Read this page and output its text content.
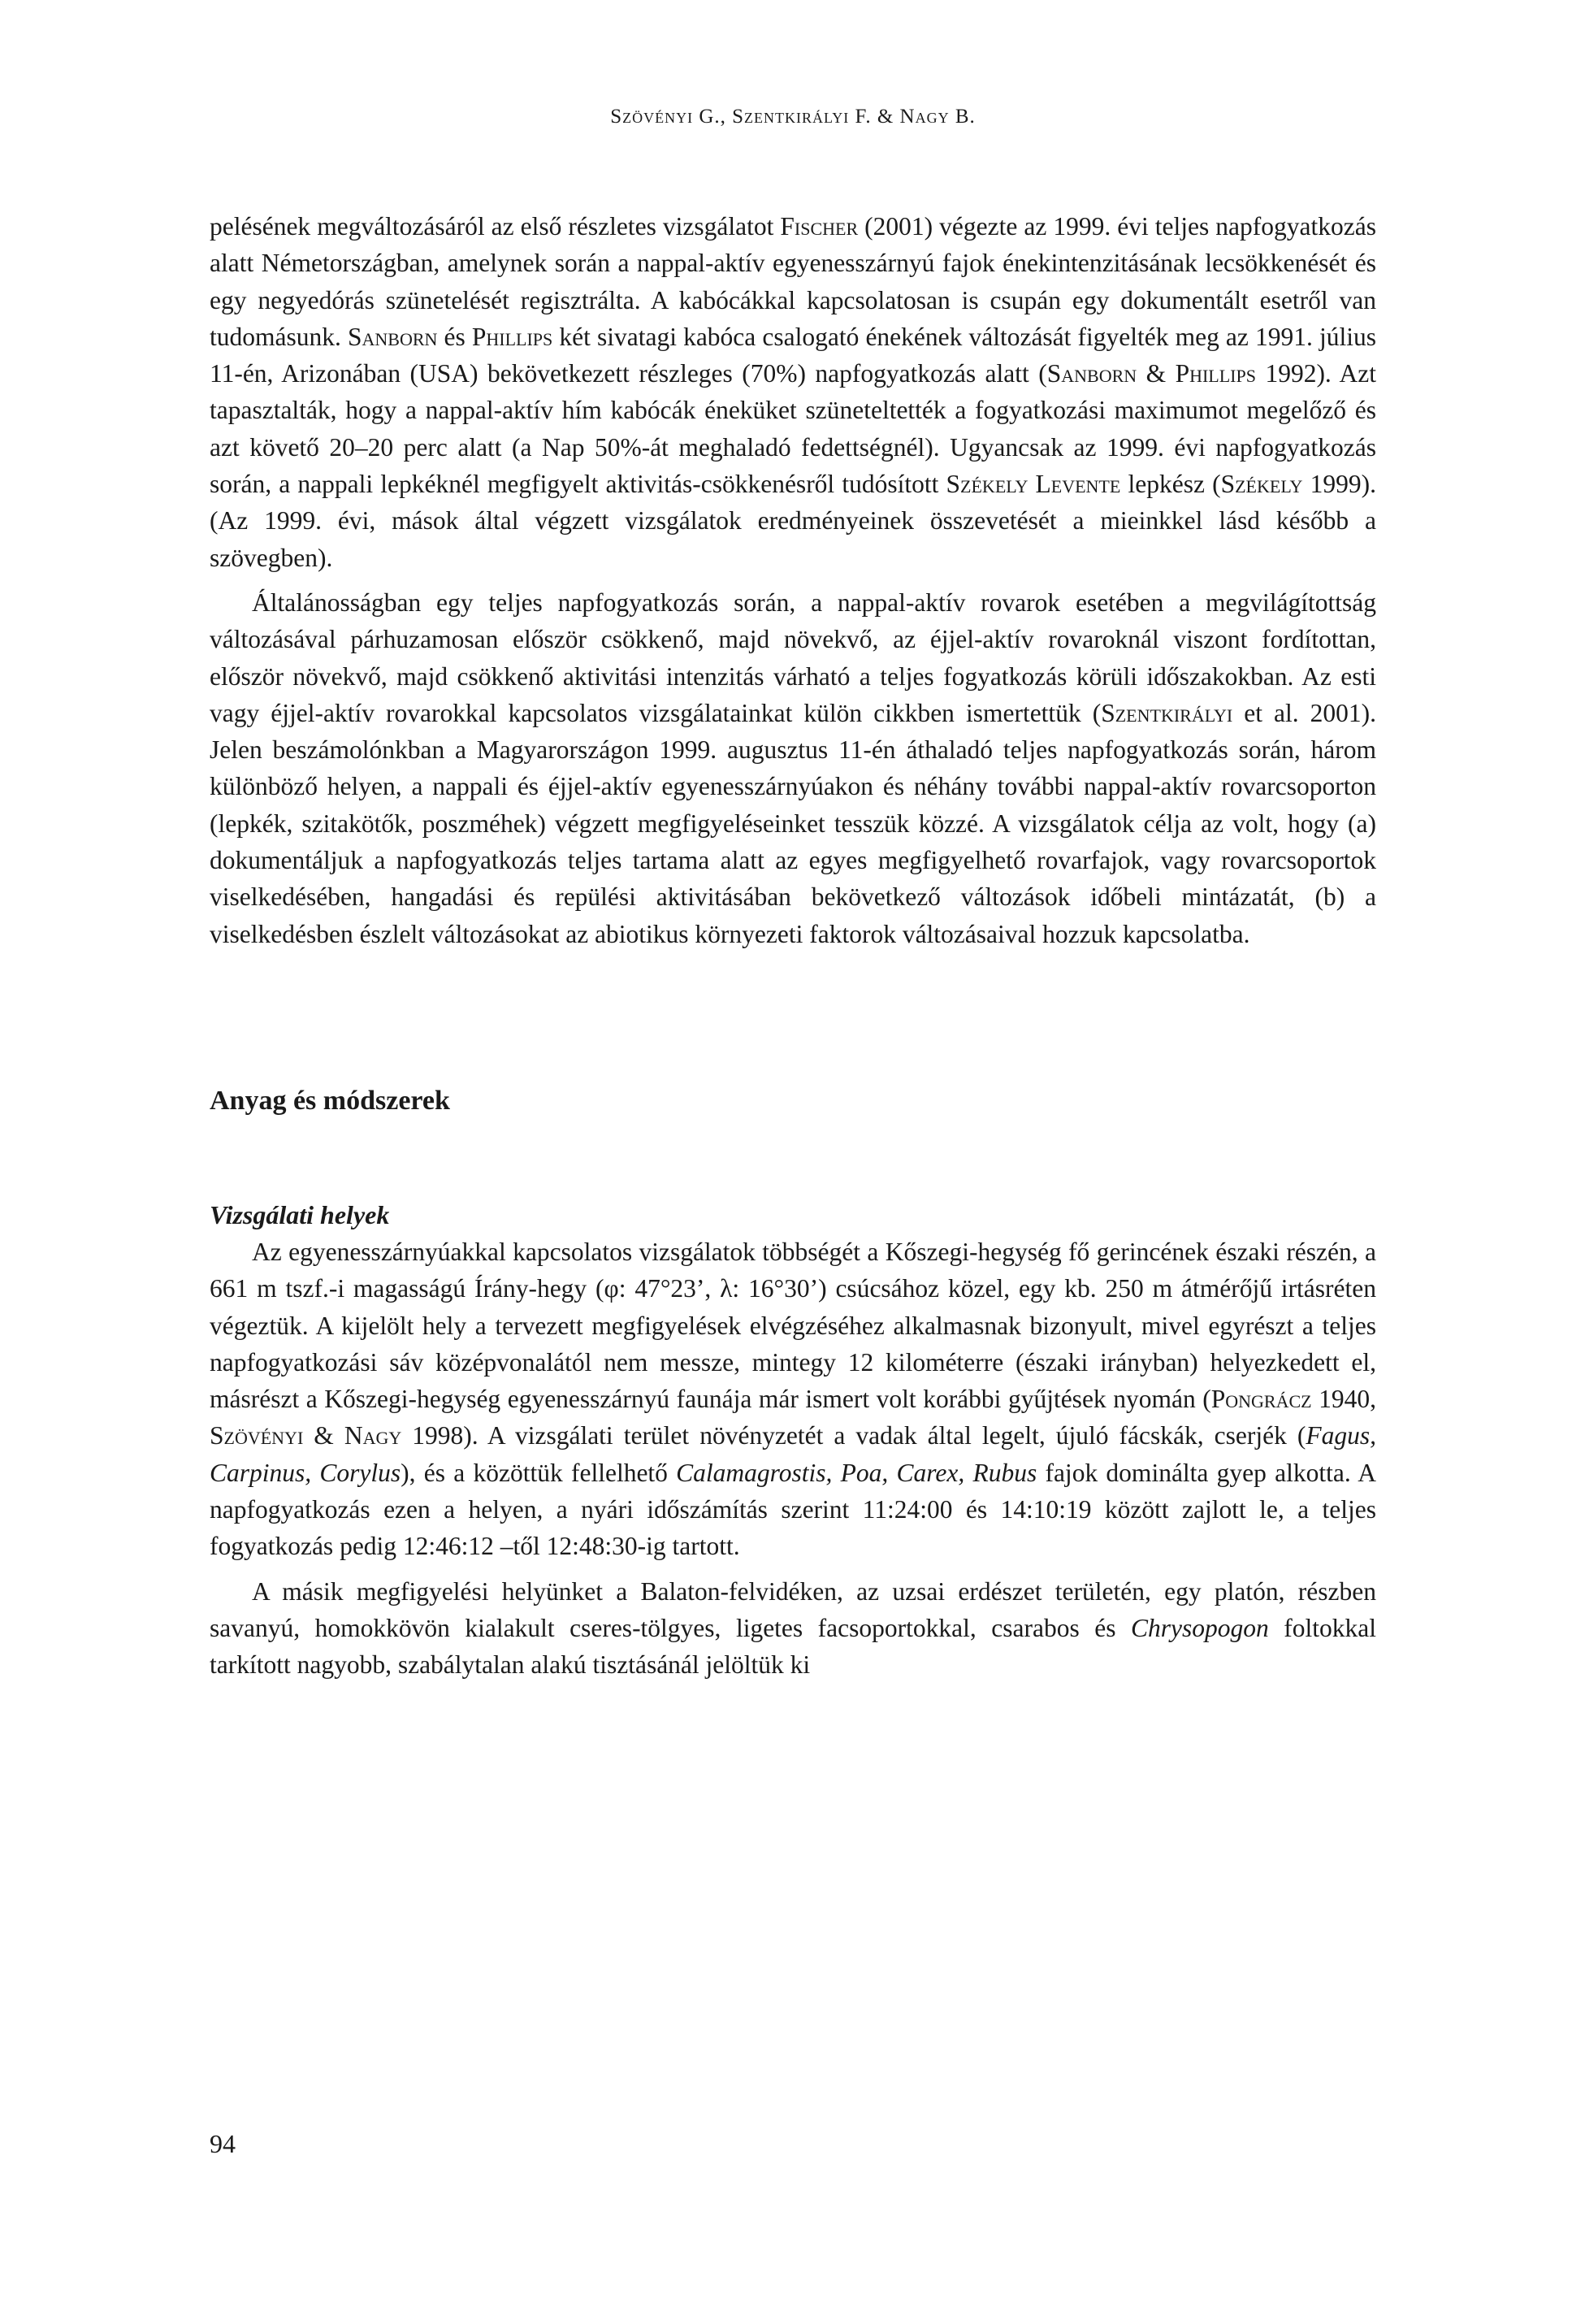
Szövényi G., Szentkirályi F. & Nagy B.

pelésének megváltozásáról az első részletes vizsgálatot Fischer (2001) végezte az 1999. évi teljes napfogyatkozás alatt Németországban, amelynek során a nappal-aktív egyenesszárnyú fajok énekintenzitásának lecsökkenését és egy negyedórás szünetelését regisztrálta. A kabócákkal kapcsolatosan is csupán egy dokumentált esetről van tudomásunk. Sanborn és Phillips két sivatagi kabóca csalogató énekének változását figyelték meg az 1991. július 11-én, Arizonában (USA) bekövetkezett részleges (70%) napfogyatkozás alatt (Sanborn & Phillips 1992). Azt tapasztalták, hogy a nappal-aktív hím kabócák éneküket szüneteltették a fogyatkozási maximumot megelőző és azt követő 20–20 perc alatt (a Nap 50%-át meghaladó fedettségnél). Ugyancsak az 1999. évi napfogyatkozás során, a nappali lepkéknél megfigyelt aktivitás-csökkenésről tudósított Székely Levente lepkész (Székely 1999). (Az 1999. évi, mások által végzett vizsgálatok eredményeinek összevetését a mieinkkel lásd később a szövegben).

Általánosságban egy teljes napfogyatkozás során, a nappal-aktív rovarok esetében a megvilágítottság változásával párhuzamosan először csökkenő, majd növekvő, az éjjel-aktív rovaroknál viszont fordítottan, először növekvő, majd csökkenő aktivitási intenzitás várható a teljes fogyatkozás körüli időszakokban. Az esti vagy éjjel-aktív rovarokkal kapcsolatos vizsgálatainkat külön cikkben ismertettük (Szentkirályi et al. 2001). Jelen beszámolónkban a Magyarországon 1999. augusztus 11-én áthaladó teljes napfogyatkozás során, három különböző helyen, a nappali és éjjel-aktív egyenesszárnyúakon és néhány további nappal-aktív rovarcsoporton (lepkék, szitakötők, poszméhek) végzett megfigyeléseinket tesszük közzé. A vizsgálatok célja az volt, hogy (a) dokumentáljuk a napfogyatkozás teljes tartama alatt az egyes megfigyelhető rovarfajok, vagy rovarcsoportok viselkedésében, hangadási és repülési aktivitásában bekövetkező változások időbeli mintázatát, (b) a viselkedésben észlelt változásokat az abiotikus környezeti faktorok változásaival hozzuk kapcsolatba.

Anyag és módszerek
Vizsgálati helyek

Az egyenesszárnyúakkal kapcsolatos vizsgálatok többségét a Kőszegi-hegység fő gerincének északi részén, a 661 m tszf.-i magasságú Írány-hegy (φ: 47°23’, λ: 16°30’) csúcsához közel, egy kb. 250 m átmérőjű irtásréten végeztük. A kijelölt hely a tervezett megfigyelések elvégzéséhez alkalmasnak bizonyult, mivel egyrészt a teljes napfogyatkozási sáv középvonalától nem messze, mintegy 12 kilométerre (északi irányban) helyezkedett el, másrészt a Kőszegi-hegység egyenesszárnyú faunája már ismert volt korábbi gyűjtések nyomán (Pongrácz 1940, Szövényi & Nagy 1998). A vizsgálati terület növényzetét a vadak által legelt, újuló fácskák, cserjék (Fagus, Carpinus, Corylus), és a közöttük fellelhető Calamagrostis, Poa, Carex, Rubus fajok dominálta gyep alkotta. A napfogyatkozás ezen a helyen, a nyári időszámítás szerint 11:24:00 és 14:10:19 között zajlott le, a teljes fogyatkozás pedig 12:46:12 –től 12:48:30-ig tartott.

A másik megfigyelési helyünket a Balaton-felvidéken, az uzsai erdészet területén, egy platón, részben savanyú, homokkövön kialakult cseres-tölgyes, ligetes facsoportokkal, csarabos és Chrysopogon foltokkal tarkított nagyobb, szabálytalan alakú tisztásánál jelöltük ki

94
